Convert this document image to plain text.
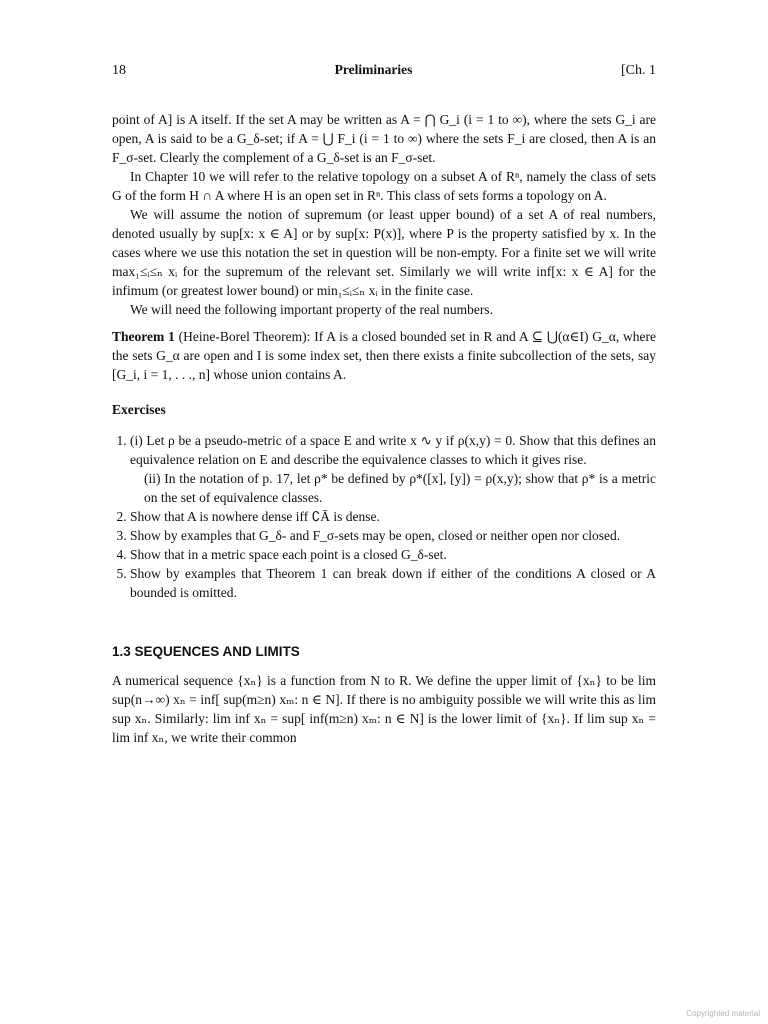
18	Preliminaries	[Ch. 1

point of A] is A itself. If the set A may be written as A = ⋂ G_i (i = 1 to ∞), where the sets G_i are open, A is said to be a G_δ-set; if A = ⋃ F_i (i = 1 to ∞) where the sets F_i are closed, then A is an F_σ-set. Clearly the complement of a G_δ-set is an F_σ-set.

In Chapter 10 we will refer to the relative topology on a subset A of Rⁿ, namely the class of sets G of the form H ∩ A where H is an open set in Rⁿ. This class of sets forms a topology on A.

We will assume the notion of supremum (or least upper bound) of a set A of real numbers, denoted usually by sup[x: x ∈ A] or by sup[x: P(x)], where P is the property satisfied by x. In the cases where we use this notation the set in question will be non-empty. For a finite set we will write max₁≤ᵢ≤ₙ xᵢ for the supremum of the relevant set. Similarly we will write inf[x: x ∈ A] for the infimum (or greatest lower bound) or min₁≤ᵢ≤ₙ xᵢ in the finite case.

We will need the following important property of the real numbers.

Theorem 1 (Heine-Borel Theorem): If A is a closed bounded set in R and A ⊆ ⋃(α∈I) G_α, where the sets G_α are open and I is some index set, then there exists a finite subcollection of the sets, say [G_i, i = 1, . . ., n] whose union contains A.

Exercises
1. (i) Let ρ be a pseudo-metric of a space E and write x ∿ y if ρ(x,y) = 0. Show that this defines an equivalence relation on E and describe the equivalence classes to which it gives rise.
(ii) In the notation of p. 17, let ρ* be defined by ρ*([x], [y]) = ρ(x,y); show that ρ* is a metric on the set of equivalence classes.
2. Show that A is nowhere dense iff ∁Ā is dense.
3. Show by examples that G_δ- and F_σ-sets may be open, closed or neither open nor closed.
4. Show that in a metric space each point is a closed G_δ-set.
5. Show by examples that Theorem 1 can break down if either of the conditions A closed or A bounded is omitted.
1.3 SEQUENCES AND LIMITS

A numerical sequence {xₙ} is a function from N to R. We define the upper limit of {xₙ} to be lim sup(n→∞) xₙ = inf[ sup(m≥n) xₘ: n ∈ N]. If there is no ambiguity possible we will write this as lim sup xₙ. Similarly: lim inf xₙ = sup[ inf(m≥n) xₘ: n ∈ N] is the lower limit of {xₙ}. If lim sup xₙ = lim inf xₙ, we write their common

Copyrighted material
